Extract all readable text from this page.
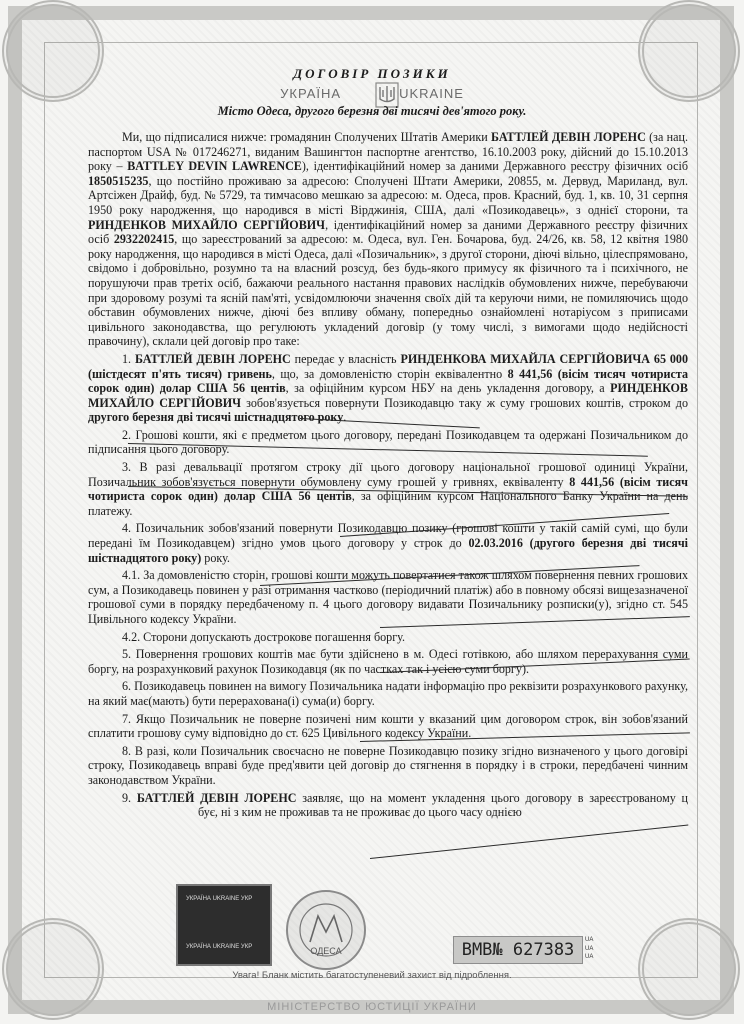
ДОГОВІР ПОЗИКИ
УКРАЇНА	UKRAINE
Місто Одеса, другого березня дві тисячі дев'ятого року.

Ми, що підписалися нижче: громадянин Сполучених Штатів Америки БАТТЛЕЙ ДЕВІН ЛОРЕНС (за нац. паспортом USA № 017246271, виданим Вашингтон паспортне агентство, 16.10.2003 року, дійсний до 15.10.2013 року – BATTLEY DEVIN LAWRENCE), ідентифікаційний номер за даними Державного реєстру фізичних осіб 1850515235, що постійно проживаю за адресою: Сполучені Штати Америки, 20855, м. Дервуд, Мариланд, вул. Артсіжен Драйф, буд. № 5729, та тимчасово мешкаю за адресою: м. Одеса, пров. Красний, буд. 1, кв. 10, 31 серпня 1950 року народження, що народився в місті Вірджинія, США, далі «Позикодавець», з однієї сторони, та РИНДЕНКОВ МИХАЙЛО СЕРГІЙОВИЧ, ідентифікаційний номер за даними Державного реєстру фізичних осіб 2932202415, що зареєстрований за адресою: м. Одеса, вул. Ген. Бочарова, буд. 24/26, кв. 58, 12 квітня 1980 року народження, що народився в місті Одеса, далі «Позичальник», з другої сторони, діючі вільно, цілеспрямовано, свідомо і добровільно, розумно та на власний розсуд, без будь-якого примусу як фізичного та і психічного, не порушуючи прав третіх осіб, бажаючи реального настання правових наслідків обумовлених нижче, перебуваючи при здоровому розумі та ясній пам'яті, усвідомлюючи значення своїх дій та керуючи ними, не помиляючись щодо обставин обумовлених нижче, діючі без впливу обману, попередньо ознайомлені нотаріусом з приписами цивільного законодавства, що регулюють укладений договір (у тому числі, з вимогами щодо недійсності правочину), склали цей договір про таке:

1. БАТТЛЕЙ ДЕВІН ЛОРЕНС передає у власність РИНДЕНКОВА МИХАЙЛА СЕРГІЙОВИЧА 65 000 (шістдесят п'ять тисяч) гривень, що, за домовленістю сторін еквівалентно 8 441,56 (вісім тисяч чотириста сорок один) долар США 56 центів, за офіційним курсом НБУ на день укладення договору, а РИНДЕНКОВ МИХАЙЛО СЕРГІЙОВИЧ зобов'язується повернути Позикодавцю таку ж суму грошових коштів, строком до другого березня дві тисячі шістнадцятого року.

2. Грошові кошти, які є предметом цього договору, передані Позикодавцем та одержані Позичальником до підписання цього договору.

3. В разі девальвації протягом строку дії цього договору національної грошової одиниці України, Позичальник зобов'язується повернути обумовлену суму грошей у гривнях, еквіваленту 8 441,56 (вісім тисяч чотириста сорок один) долар США 56 центів, за офіційним курсом Національного Банку України на день платежу.

4. Позичальник зобов'язаний повернути Позикодавцю позику (грошові кошти у такій самій сумі, що були передані їм Позикодавцем) згідно умов цього договору у строк до 02.03.2016 (другого березня дві тисячі шістнадцятого року) року.

4.1. За домовленістю сторін, грошові кошти можуть повертатися також шляхом повернення певних грошових сум, а Позикодавець повинен у разі отримання частково (періодичний платіж) або в повному обсязі вищезазначеної грошової суми в порядку передбаченому п. 4 цього договору видавати Позичальнику розписки(у), згідно ст. 545 Цивільного кодексу України.

4.2. Сторони допускають дострокове погашення боргу.

5. Повернення грошових коштів має бути здійснено в м. Одесі готівкою, або шляхом перерахування суми боргу, на розрахунковий рахунок Позикодавця (як по частках так і усією суми боргу).

6. Позикодавець повинен на вимогу Позичальника надати інформацію про реквізити розрахункового рахунку, на який має(мають) бути перерахована(і) сума(и) боргу.

7. Якщо Позичальник не поверне позичені ним кошти у вказаний цим договором строк, він зобов'язаний сплатити грошову суму відповідно до ст. 625 Цивільного кодексу України.

8. В разі, коли Позичальник своєчасно не поверне Позикодавцю позику згідно визначеного у цього договірі строку, Позикодавець вправі буде пред'явити цей договір до стягнення в порядку і в строки, передбачені чинним законодавством України.

9. БАТТЛЕЙ ДЕВІН ЛОРЕНС заявляє, що на момент укладення цього договору в зареєстрованому цбує, ні з ким не проживав та не проживає до цього часу однією

УКРАЇНА UKRAINE УКР
УКРАЇНА UKRAINE УКР	ОДЕСА	ВМВ№ 627383	UA
UA
UA
Увага! Бланк містить багатоступеневий захист від підроблення.
МІНІСТЕРСТВО ЮСТИЦІЇ УКРАЇНИ
